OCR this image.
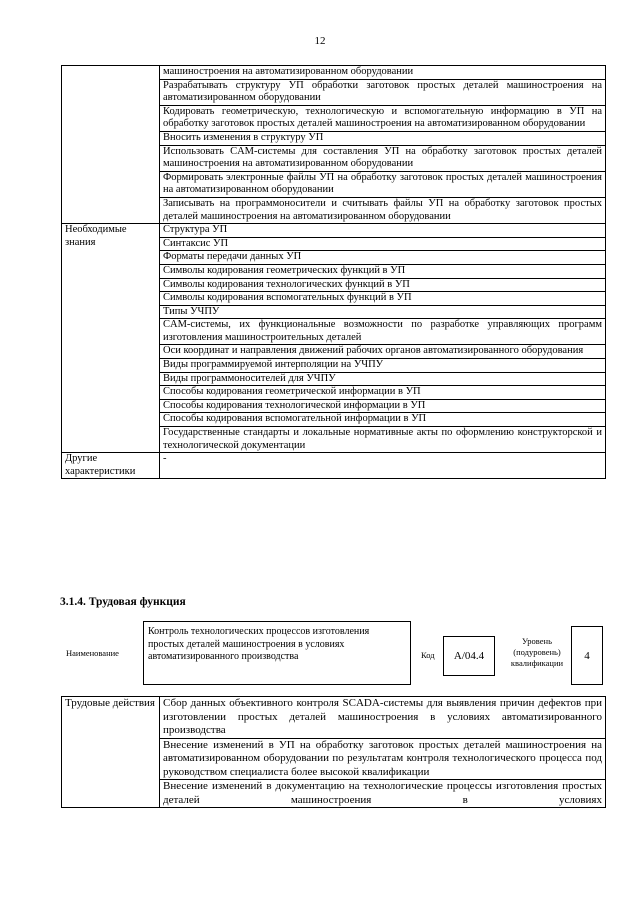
12
	машиностроения на автоматизированном оборудовании
	Разрабатывать структуру УП обработки заготовок простых деталей машиностроения на автоматизированном оборудовании
	Кодировать геометрическую, технологическую и вспомогательную информацию в УП на обработку заготовок простых деталей машиностроения на автоматизированном оборудовании
	Вносить изменения в структуру УП
	Использовать CAM-системы для составления УП на обработку заготовок простых деталей машиностроения на автоматизированном оборудовании
	Формировать электронные файлы УП на обработку заготовок простых деталей машиностроения на автоматизированном оборудовании
	Записывать на программоносители и считывать файлы УП на обработку заготовок простых деталей машиностроения на автоматизированном оборудовании
Необходимые знания	Структура УП
	Синтаксис УП
	Форматы передачи данных УП
	Символы кодирования геометрических функций в УП
	Символы кодирования технологических функций в УП
	Символы кодирования вспомогательных функций в УП
	Типы УЧПУ
	CAM-системы, их функциональные возможности по разработке управляющих программ изготовления машиностроительных деталей
	Оси координат и направления движений рабочих органов автоматизированного оборудования
	Виды программируемой интерполяции на УЧПУ
	Виды программоносителей для УЧПУ
	Способы кодирования геометрической информации в УП
	Способы кодирования технологической информации в УП
	Способы кодирования вспомогательной информации в УП
	Государственные стандарты и локальные нормативные акты по оформлению конструкторской и технологической документации
Другие характеристики	-
3.1.4. Трудовая функция
Наименование
Контроль технологических процессов изготовления простых деталей машиностроения в условиях автоматизированного производства	Код	А/04.4
Уровень (подуровень) квалификации
4
Трудовые действия	Сбор данных объективного контроля SCADA-системы для выявления причин дефектов при изготовлении простых деталей машиностроения в условиях автоматизированного производства
Внесение изменений в УП на обработку заготовок простых деталей машиностроения на автоматизированном оборудовании по результатам контроля технологического процесса под руководством специалиста более высокой квалификации
Внесение изменений в документацию на технологические процессы изготовления простых деталей машиностроения в условиях
